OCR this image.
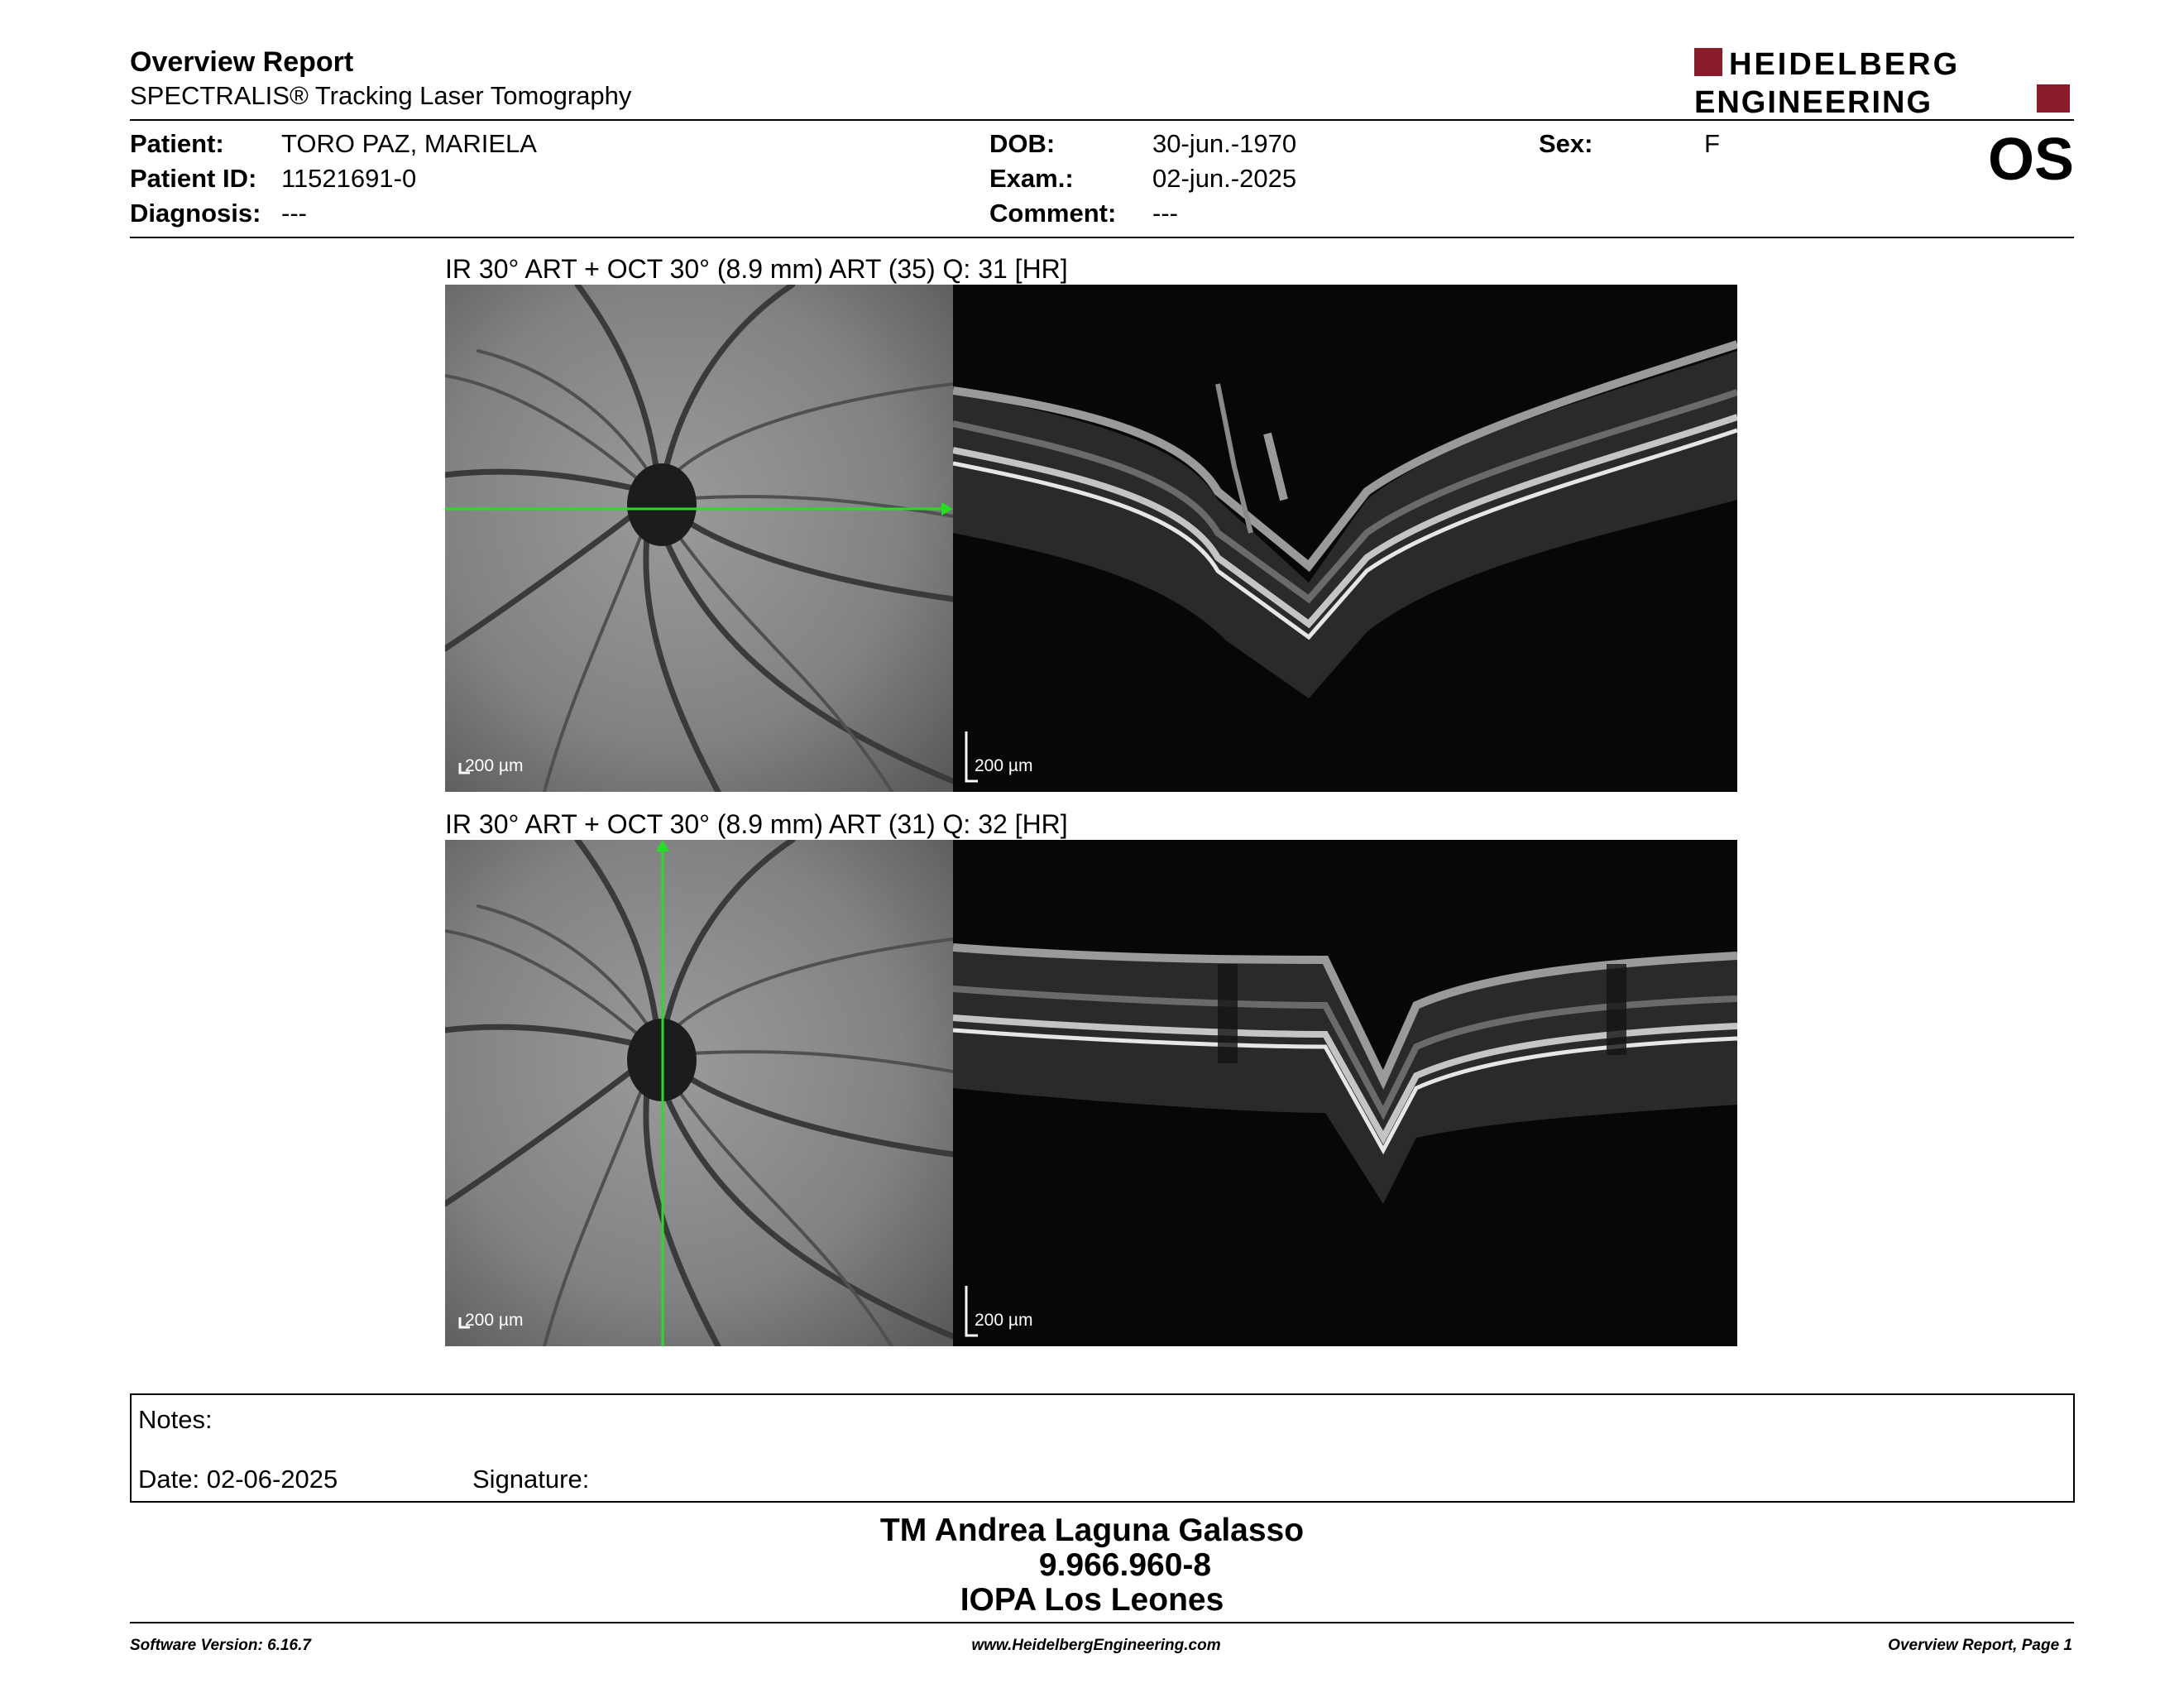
Overview Report
SPECTRALIS® Tracking Laser Tomography
HEIDELBERG
ENGINEERING
Patient: TORO PAZ, MARIELA
Patient ID: 11521691-0
Diagnosis: ---
DOB:	30-jun.-1970
Exam.:	02-jun.-2025
Comment: ---
Sex:	F	OS
IR 30° ART + OCT 30° (8.9 mm) ART (35) Q: 31 [HR]
200 µm	200 µm
IR 30° ART + OCT 30° (8.9 mm) ART (31) Q: 32 [HR]
200 µm	200 µm
Notes:
Date: 02-06-2025	Signature:
TM Andrea Laguna Galasso
9.966.960-8
IOPA Los Leones
Software Version: 6.16.7	www.HeidelbergEngineering.com	Overview Report, Page 1
